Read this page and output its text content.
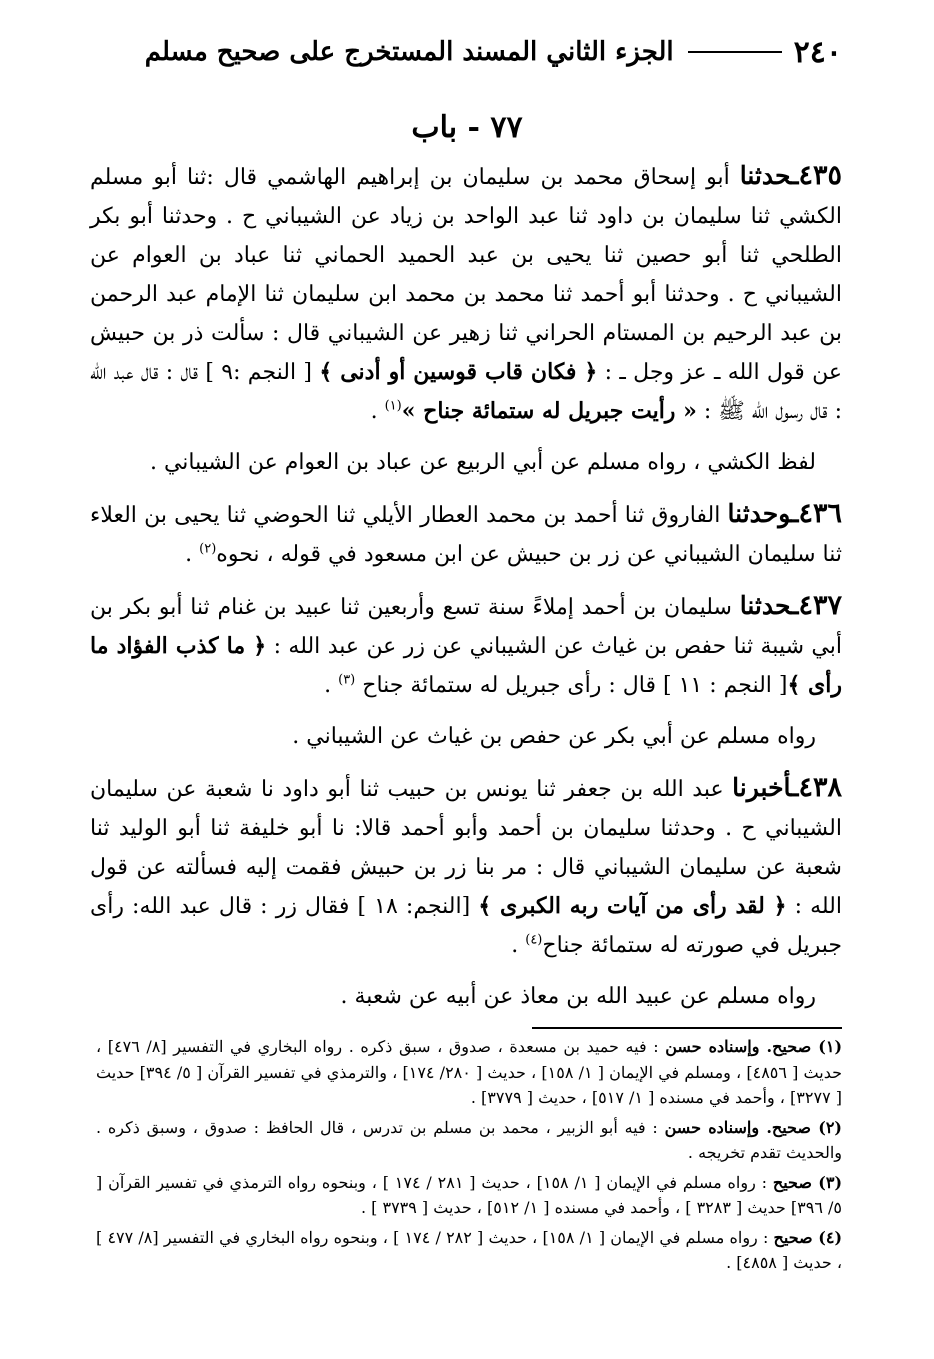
٢٤٠
الجزء الثاني المسند المستخرج على صحيح مسلم
٧٧ - باب

٤٣٥ـحدثنا أبو إسحاق محمد بن سليمان بن إبراهيم الهاشمي قال :ثنا أبو مسلم الكشي ثنا سليمان بن داود ثنا عبد الواحد بن زياد عن الشيباني ح . وحدثنا أبو بكر الطلحي ثنا أبو حصين ثنا يحيى بن عبد الحميد الحماني ثنا عباد بن العوام عن الشيباني ح . وحدثنا أبو أحمد ثنا محمد بن محمد ابن سليمان ثنا الإمام عبد الرحمن بن عبد الرحيم بن المستام الحراني ثنا زهير عن الشيباني قال : سألت ذر بن حبيش عن قول الله ـ عز وجل ـ : ﴿ فكان قاب قوسين أو أدنى ﴾ [ النجم :٩ ] قال : قال عبد الله : قال رسول الله ﷺ : « رأيت جبريل له ستمائة جناح »$^{(١)}$ .

لفظ الكشي ، رواه مسلم عن أبي الربيع عن عباد بن العوام عن الشيباني .

٤٣٦ـوحدثنا الفاروق ثنا أحمد بن محمد العطار الأيلي ثنا الحوضي ثنا يحيى بن العلاء ثنا سليمان الشيباني عن زر بن حبيش عن ابن مسعود في قوله ، نحوه$^{(٢)}$ .

٤٣٧ـحدثنا سليمان بن أحمد إملاءً سنة تسع وأربعين ثنا عبيد بن غنام ثنا أبو بكر بن أبي شيبة ثنا حفص بن غياث عن الشيباني عن زر عن عبد الله : ﴿ ما كذب الفؤاد ما رأى ﴾[ النجم : ١١ ] قال : رأى جبريل له ستمائة جناح $^{(٣)}$ .

رواه مسلم عن أبي بكر عن حفص بن غياث عن الشيباني .

٤٣٨ـأخبرنا عبد الله بن جعفر ثنا يونس بن حبيب ثنا أبو داود نا شعبة عن سليمان الشيباني ح . وحدثنا سليمان بن أحمد وأبو أحمد قالا: نا أبو خليفة ثنا أبو الوليد ثنا شعبة عن سليمان الشيباني قال : مر بنا زر بن حبيش فقمت إليه فسألته عن قول الله : ﴿ لقد رأى من آيات ربه الكبرى ﴾ [النجم: ١٨ ] فقال زر : قال عبد الله: رأى جبريل في صورته له ستمائة جناح$^{(٤)}$ .

رواه مسلم عن عبيد الله بن معاذ عن أبيه عن شعبة .

(١) صحيح. وإسناده حسن : فيه حميد بن مسعدة ، صدوق ، سبق ذكره . رواه البخاري في التفسير [٨/ ٤٧٦] ، حديث [ ٤٨٥٦] ، ومسلم في الإيمان [ ١/ ١٥٨] ، حديث [ ٢٨٠/ ١٧٤] ، والترمذي في تفسير القرآن [ ٥/ ٣٩٤] حديث [ ٣٢٧٧] ، وأحمد في مسنده [ ١/ ٥١٧] ، حديث [ ٣٧٧٩] .

(٢) صحيح. وإسناده حسن : فيه أبو الزبير ، محمد بن مسلم بن تدرس ، قال الحافظ : صدوق ، وسبق ذكره . والحديث تقدم تخريجه .

(٣) صحيح : رواه مسلم في الإيمان [ ١/ ١٥٨] ، حديث [ ٢٨١ / ١٧٤ ] ، وبنحوه رواه الترمذي في تفسير القرآن [ ٥/ ٣٩٦] حديث [ ٣٢٨٣ ] ، وأحمد في مسنده [ ١/ ٥١٢] ، حديث [ ٣٧٣٩ ] .

(٤) صحيح : رواه مسلم في الإيمان [ ١/ ١٥٨] ، حديث [ ٢٨٢ / ١٧٤ ] ، وبنحوه رواه البخاري في التفسير [٨/ ٤٧٧ ] ، حديث [ ٤٨٥٨] .
